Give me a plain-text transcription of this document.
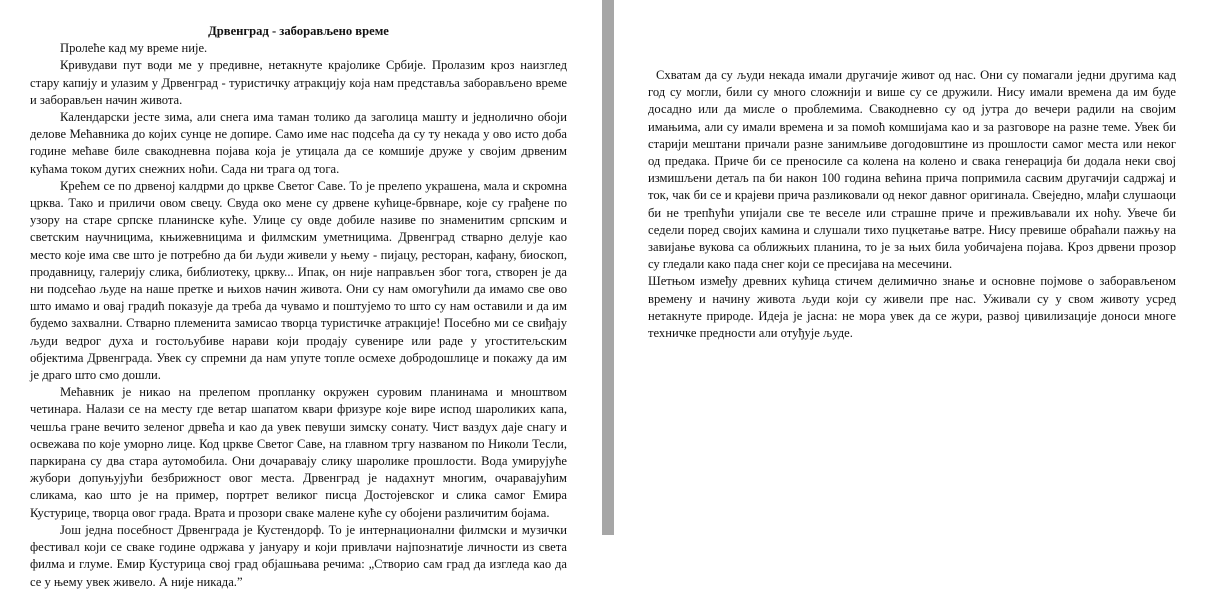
Дрвенград - заборављено време

Пролеће кад му време није.

Кривудави пут води ме у предивне, нетакнуте крајолике Србије. Пролазим кроз наизглед стару капију и улазим у Дрвенград - туристичку атракцију која нам представља заборављено време и заборављен начин живота.

Календарски јесте зима, али снега има таман толико да заголица машту и једнолично обоји делове Мећавника до којих сунце не допире. Само име нас подсећа да су ту некада у ово исто доба године мећаве биле свакодневна појава која је утицала да се комшије друже у својим дрвеним кућама током дугих снежних ноћи. Сада ни трага од тога.

Крећем се по дрвеној калдрми до цркве Светог Саве. То је прелепо украшена, мала и скромна црква. Тако и приличи овом свецу. Свуда око мене су дрвене кућице-брвнаре, које су грађене по узору на старе српске планинске куће. Улице су овде добиле називе по знаменитим српским и светским научницима, књижевницима и филмским уметницима. Дрвенград стварно делује као место које има све што је потребно да би људи живели у њему - пијацу, ресторан, кафану, биоскоп, продавницу, галерију слика, библиотеку, цркву... Ипак, он није направљен због тога, створен је да ни подсећао људе на наше претке и њихов начин живота. Они су нам омогућили да имамо све ово што имамо и овај градић показује да треба да чувамо и поштујемо то што су нам оставили и да им будемо захвални. Стварно племенита замисао творца туристичке атракције! Посебно ми се свиђају људи ведрог духа и гостољубиве нарави који продају сувенире или раде у угоститељским објектима Дрвенграда. Увек су спремни да нам упуте топле осмехе добродошлице и покажу да им је драго што смо дошли.

Мећавник је никао на прелепом пропланку окружен суровим планинама и мноштвом четинара. Налази се на месту где ветар шапатом квари фризуре које вире испод шароликих капа, чешља гране вечито зеленог дрвећа и као да увек певуши зимску сонату. Чист ваздух даје снагу и освежава по које уморно лице. Код цркве Светог Саве, на главном тргу названом по Николи Тесли, паркирана су два стара аутомобила. Они дочаравају слику шаролике прошлости. Вода умирујуће жубори допуњујући безбрижност овог места. Дрвенград је надахнут многим, очаравајућим сликама, као што је на пример, портрет великог писца Достојевског и слика самог Емира Кустурице, творца овог града. Врата и прозори свакe малене куће су обојени различитим бојама.

Још једна посебност Дрвенграда је Кустендорф. То је интернационални филмски и музички фестивал који се сваке године одржава у јануару и који привлачи најпознатије личности из света филма и глуме. Емир Кустурица свој град објашњава речима: „Створио сам град да изгледа као да се у њему увек живело. А није никада.”

Схватам да су људи некада имали другачије живот од нас. Они су помагали једни другима кад год су могли, били су много сложнији и више су се дружили. Нису имали времена да им буде досадно или да мисле о проблемима. Свакодневно су од јутра до вечери радили на својим имањима, али су имали времена и за помоћ комшијама као и за разговоре на разне теме. Увек би старији мештани причали разне занимљиве догодовштине из прошлости самог места или неког од предака. Приче би се преносиле са колена на колено и свака генерација би додала неки свој измишљени детаљ па би након 100 година већина прича попримила сасвим другачији садржај и ток, чак би се и крајеви прича разликовали од неког давног оригинала. Свеједно, млађи слушаоци би не трепћући упијали све те веселе или страшне приче и преживљавали их ноћу. Увече би седели поред својих камина и слушали тихо пуцкетање ватре. Нису превише обраћали пажњу на завијање вукова са оближњих планина, то је за њих била уобичајена појава. Кроз дрвени прозор су гледали како пада снег који се пресијава на месечини.

Шетњом између древних кућица стичем делимично знање и основне појмове о заборављеном времену и начину живота људи који су живели пре нас. Уживали су у свом животу усред нетакнуте природе. Идеја је јасна: не мора увек да се жури, развој цивилизације доноси многе техничке предности али отуђује људе.
